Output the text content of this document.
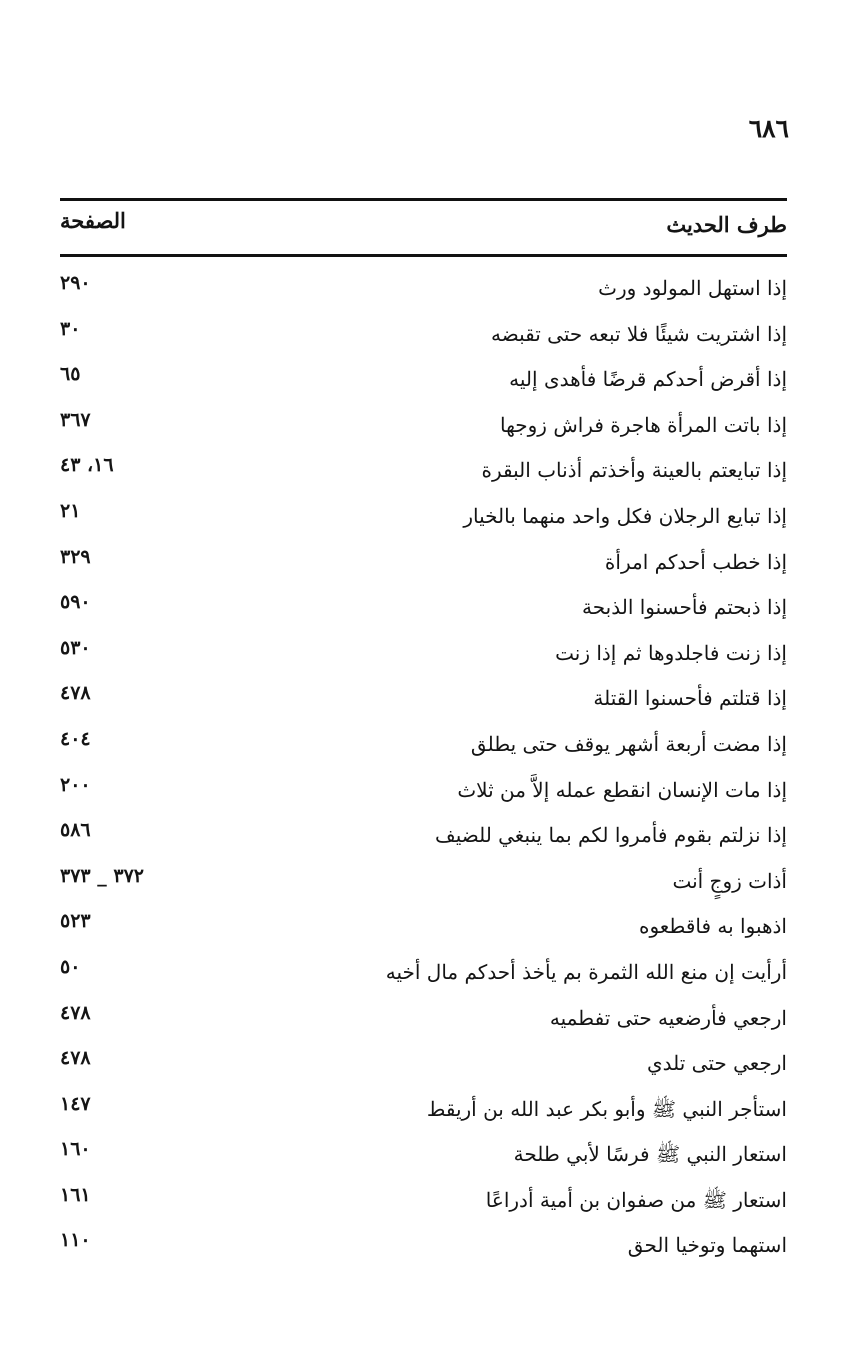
٦٨٦
طرف الحديث
الصفحة
إذا استهل المولود ورث
٢٩٠
إذا اشتريت شيئًا فلا تبعه حتى تقبضه
٣٠
إذا أقرض أحدكم قرضًا فأهدى إليه
٦٥
إذا باتت المرأة هاجرة فراش زوجها
٣٦٧
إذا تبايعتم بالعينة وأخذتم أذناب البقرة
١٦، ٤٣
إذا تبايع الرجلان فكل واحد منهما بالخيار
٢١
إذا خطب أحدكم امرأة
٣٢٩
إذا ذبحتم فأحسنوا الذبحة
٥٩٠
إذا زنت فاجلدوها ثم إذا زنت
٥٣٠
إذا قتلتم فأحسنوا القتلة
٤٧٨
إذا مضت أربعة أشهر يوقف حتى يطلق
٤٠٤
إذا مات الإنسان انقطع عمله إلاَّ من ثلاث
٢٠٠
إذا نزلتم بقوم فأمروا لكم بما ينبغي للضيف
٥٨٦
أذات زوجٍ أنت
٣٧٢ _ ٣٧٣
اذهبوا به فاقطعوه
٥٢٣
أرأيت إن منع الله الثمرة بم يأخذ أحدكم مال أخيه
٥٠
ارجعي فأرضعيه حتى تفطميه
٤٧٨
ارجعي حتى تلدي
٤٧٨
استأجر النبي ﷺ وأبو بكر عبد الله بن أريقط
١٤٧
استعار النبي ﷺ فرسًا لأبي طلحة
١٦٠
استعار ﷺ من صفوان بن أمية أدراعًا
١٦١
استهما وتوخيا الحق
١١٠
